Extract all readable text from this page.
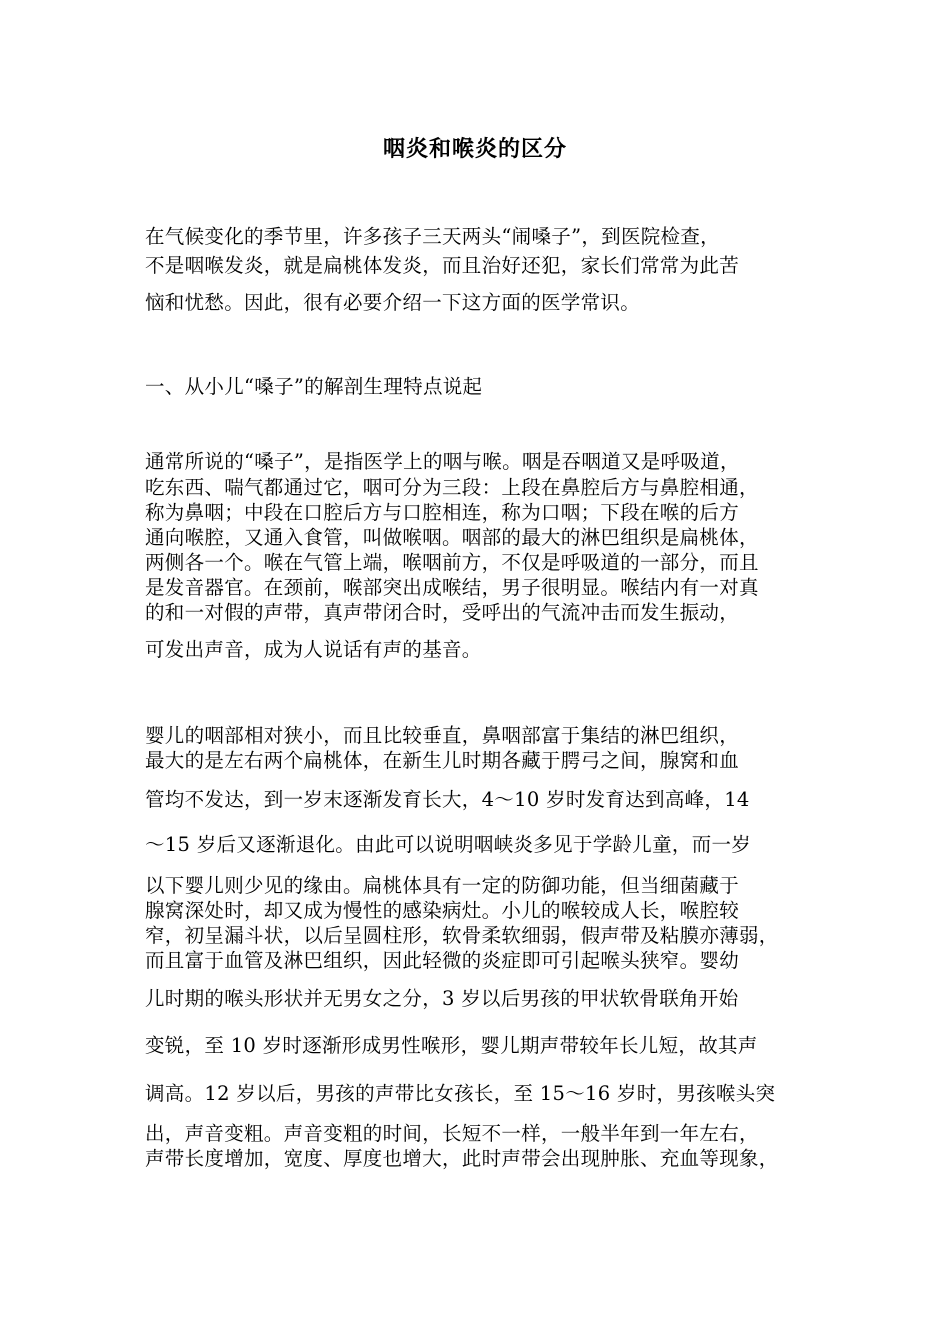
咽炎和喉炎的区分
在气候变化的季节里，许多孩子三天两头“闹嗓子”，到医院检查，
不是咽喉发炎，就是扁桃体发炎，而且治好还犯，家长们常常为此苦
恼和忧愁。因此，很有必要介绍一下这方面的医学常识。
一、从小儿“嗓子”的解剖生理特点说起
通常所说的“嗓子”，是指医学上的咽与喉。咽是吞咽道又是呼吸道，
吃东西、喘气都通过它，咽可分为三段：上段在鼻腔后方与鼻腔相通，
称为鼻咽；中段在口腔后方与口腔相连，称为口咽；下段在喉的后方
通向喉腔，又通入食管，叫做喉咽。咽部的最大的淋巴组织是扁桃体，
两侧各一个。喉在气管上端，喉咽前方，不仅是呼吸道的一部分，而且
是发音器官。在颈前，喉部突出成喉结，男子很明显。喉结内有一对真
的和一对假的声带，真声带闭合时，受呼出的气流冲击而发生振动，
可发出声音，成为人说话有声的基音。
婴儿的咽部相对狭小，而且比较垂直，鼻咽部富于集结的淋巴组织，
最大的是左右两个扁桃体，在新生儿时期各藏于腭弓之间，腺窝和血
管均不发达，到一岁末逐渐发育长大，4～10 岁时发育达到高峰，14
～15 岁后又逐渐退化。由此可以说明咽峡炎多见于学龄儿童，而一岁
以下婴儿则少见的缘由。扁桃体具有一定的防御功能，但当细菌藏于
腺窝深处时，却又成为慢性的感染病灶。小儿的喉较成人长，喉腔较
窄，初呈漏斗状，以后呈圆柱形，软骨柔软细弱，假声带及粘膜亦薄弱，
而且富于血管及淋巴组织，因此轻微的炎症即可引起喉头狭窄。婴幼
儿时期的喉头形状并无男女之分，3 岁以后男孩的甲状软骨联角开始
变锐，至 10 岁时逐渐形成男性喉形，婴儿期声带较年长儿短，故其声
调高。12 岁以后，男孩的声带比女孩长，至 15～16 岁时，男孩喉头突
出，声音变粗。声音变粗的时间，长短不一样，一般半年到一年左右，
声带长度增加，宽度、厚度也增大，此时声带会出现肿胀、充血等现象，
